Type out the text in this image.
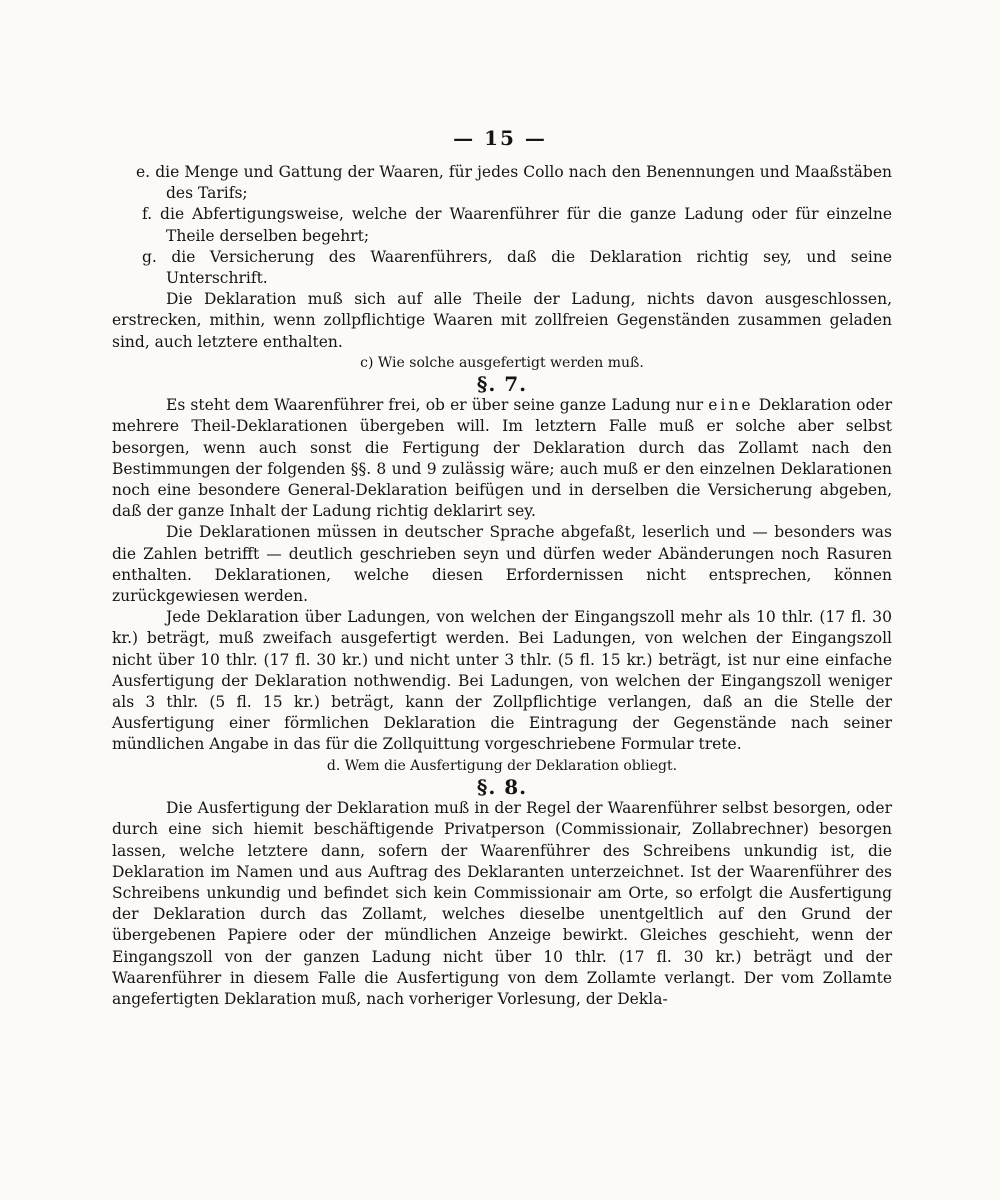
— 15 —

e. die Menge und Gattung der Waaren, für jedes Collo nach den Benennungen und Maaßstäben des Tarifs;

f. die Abfertigungsweise, welche der Waarenführer für die ganze Ladung oder für einzelne Theile derselben begehrt;

g. die Versicherung des Waarenführers, daß die Deklaration richtig sey, und seine Unterschrift.

Die Deklaration muß sich auf alle Theile der Ladung, nichts davon ausgeschlossen, erstrecken, mithin, wenn zollpflichtige Waaren mit zollfreien Gegenständen zusammen geladen sind, auch letztere enthalten.

c) Wie solche ausgefertigt werden muß.

§. 7.

Es steht dem Waarenführer frei, ob er über seine ganze Ladung nur eine Deklaration oder mehrere Theil-Deklarationen übergeben will. Im letztern Falle muß er solche aber selbst besorgen, wenn auch sonst die Fertigung der Deklaration durch das Zollamt nach den Bestimmungen der folgenden §§. 8 und 9 zulässig wäre; auch muß er den einzelnen Deklarationen noch eine besondere General-Deklaration beifügen und in derselben die Versicherung abgeben, daß der ganze Inhalt der Ladung richtig deklarirt sey.

Die Deklarationen müssen in deutscher Sprache abgefaßt, leserlich und — besonders was die Zahlen betrifft — deutlich geschrieben seyn und dürfen weder Abänderungen noch Rasuren enthalten. Deklarationen, welche diesen Erfordernissen nicht entsprechen, können zurückgewiesen werden.

Jede Deklaration über Ladungen, von welchen der Eingangszoll mehr als 10 thlr. (17 fl. 30 kr.) beträgt, muß zweifach ausgefertigt werden. Bei Ladungen, von welchen der Eingangszoll nicht über 10 thlr. (17 fl. 30 kr.) und nicht unter 3 thlr. (5 fl. 15 kr.) beträgt, ist nur eine einfache Ausfertigung der Deklaration nothwendig. Bei Ladungen, von welchen der Eingangszoll weniger als 3 thlr. (5 fl. 15 kr.) beträgt, kann der Zollpflichtige verlangen, daß an die Stelle der Ausfertigung einer förmlichen Deklaration die Eintragung der Gegenstände nach seiner mündlichen Angabe in das für die Zollquittung vorgeschriebene Formular trete.

d. Wem die Ausfertigung der Deklaration obliegt.

§. 8.

Die Ausfertigung der Deklaration muß in der Regel der Waarenführer selbst besorgen, oder durch eine sich hiemit beschäftigende Privatperson (Commissionair, Zollabrechner) besorgen lassen, welche letztere dann, sofern der Waarenführer des Schreibens unkundig ist, die Deklaration im Namen und aus Auftrag des Deklaranten unterzeichnet. Ist der Waarenführer des Schreibens unkundig und befindet sich kein Commissionair am Orte, so erfolgt die Ausfertigung der Deklaration durch das Zollamt, welches dieselbe unentgeltlich auf den Grund der übergebenen Papiere oder der mündlichen Anzeige bewirkt. Gleiches geschieht, wenn der Eingangszoll von der ganzen Ladung nicht über 10 thlr. (17 fl. 30 kr.) beträgt und der Waarenführer in diesem Falle die Ausfertigung von dem Zollamte verlangt. Der vom Zollamte angefertigten Deklaration muß, nach vorheriger Vorlesung, der Dekla-
